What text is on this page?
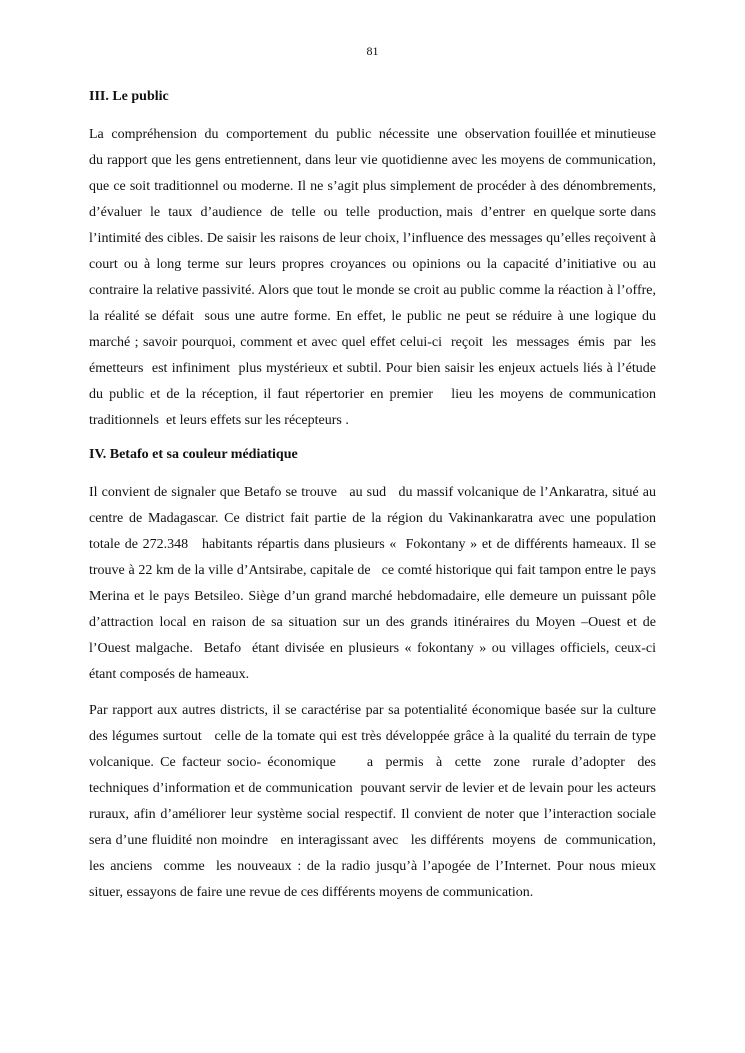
81
III. Le public

La  compréhension  du  comportement  du  public  nécessite  une  observation fouillée et minutieuse du rapport que les gens entretiennent, dans leur vie quotidienne avec les moyens de communication, que ce soit traditionnel ou moderne. Il ne s’agit plus simplement de procéder à des dénombrements, d’évaluer  le  taux  d’audience  de  telle  ou  telle  production, mais  d’entrer  en quelque sorte dans l’intimité des cibles. De saisir les raisons de leur choix, l’influence des messages qu’elles reçoivent à court ou à long terme sur leurs propres croyances ou opinions ou la capacité d’initiative ou au contraire la relative passivité. Alors que tout le monde se croit au public comme la réaction à l’offre, la réalité se défait  sous une autre forme. En effet, le public ne peut se réduire à une logique du marché ; savoir pourquoi, comment et avec quel effet celui-ci  reçoit  les  messages  émis  par  les  émetteurs  est infiniment  plus mystérieux et subtil. Pour bien saisir les enjeux actuels liés à l’étude du public et de la réception, il faut répertorier en premier   lieu les moyens de communication traditionnels  et leurs effets sur les récepteurs .

IV. Betafo et sa couleur médiatique

Il convient de signaler que Betafo se trouve   au sud   du massif volcanique de l’Ankaratra, situé au centre de Madagascar. Ce district fait partie de la région du Vakinankaratra avec une population totale de 272.348   habitants répartis dans plusieurs «  Fokontany » et de différents hameaux. Il se trouve à 22 km de la ville d’Antsirabe, capitale de   ce comté historique qui fait tampon entre le pays Merina et le pays Betsileo. Siège d’un grand marché hebdomadaire, elle demeure un puissant pôle d’attraction local en raison de sa situation sur un des grands itinéraires du Moyen –Ouest et de l’Ouest malgache.  Betafo  étant divisée en plusieurs « fokontany » ou villages officiels, ceux-ci étant composés de hameaux.

Par rapport aux autres districts, il se caractérise par sa potentialité économique basée sur la culture des légumes surtout   celle de la tomate qui est très développée grâce à la qualité du terrain de type volcanique. Ce facteur socio- économique     a  permis  à  cette  zone  rurale d’adopter  des  techniques d’information et de communication  pouvant servir de levier et de levain pour les acteurs ruraux, afin d’améliorer leur système social respectif. Il convient de noter que l’interaction sociale   sera d’une fluidité non moindre   en interagissant avec   les différents  moyens  de  communication,  les anciens  comme  les nouveaux : de la radio jusqu’à l’apogée de l’Internet. Pour nous mieux situer, essayons de faire une revue de ces différents moyens de communication.
